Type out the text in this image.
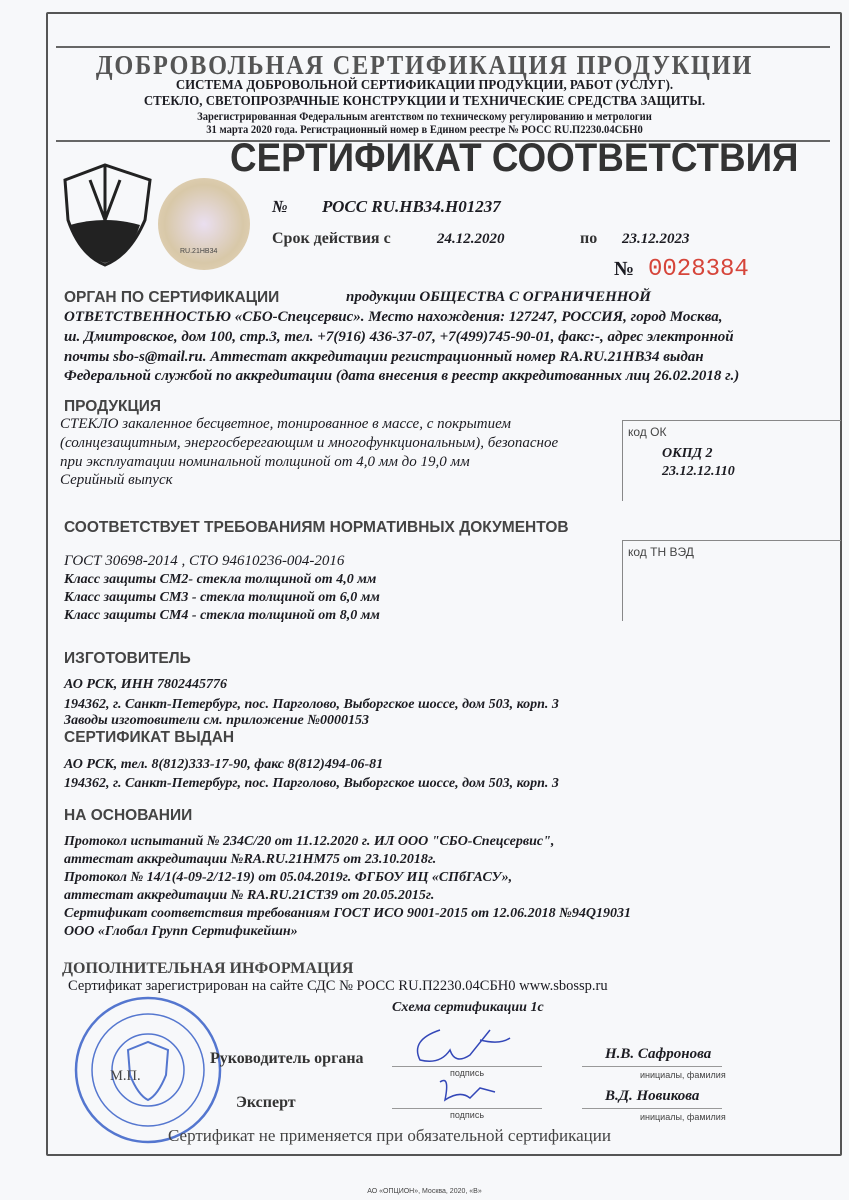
ДОБРОВОЛЬНАЯ СЕРТИФИКАЦИЯ ПРОДУКЦИИ
СИСТЕМА ДОБРОВОЛЬНОЙ СЕРТИФИКАЦИИ ПРОДУКЦИИ, РАБОТ (УСЛУГ).
СТЕКЛО, СВЕТОПРОЗРАЧНЫЕ КОНСТРУКЦИИ И ТЕХНИЧЕСКИЕ СРЕДСТВА ЗАЩИТЫ.
Зарегистрированная Федеральным агентством по техническому регулированию и метрологии
31 марта 2020 года. Регистрационный номер в Едином реестре № РОСС RU.П2230.04СБН0
СЕРТИФИКАТ СООТВЕТСТВИЯ
RU.21НВ34
№ РОСС RU.НВ34.Н01237
Срок действия с	24.12.2020	по 23.12.2023
№ 0028384
ОРГАН ПО СЕРТИФИКАЦИИ	продукции ОБЩЕСТВА С ОГРАНИЧЕННОЙ
ОТВЕТСТВЕННОСТЬЮ «СБО-Спецсервис». Место нахождения: 127247, РОССИЯ, город Москва,
ш. Дмитровское, дом 100, стр.3, тел. +7(916) 436-37-07, +7(499)745-90-01, факс:-, адрес электронной
почты sbo-s@mail.ru. Аттестат аккредитации регистрационный номер RA.RU.21НВ34 выдан
Федеральной службой по аккредитации (дата внесения в реестр аккредитованных лиц 26.02.2018 г.)
ПРОДУКЦИЯ
СТЕКЛО закаленное бесцветное, тонированное в массе, с покрытием
(солнцезащитным, энергосберегающим и многофункциональным), безопасное
при эксплуатации номинальной толщиной от 4,0 мм до 19,0 мм
Серийный выпуск
код ОК
ОКПД 2
23.12.12.110
СООТВЕТСТВУЕТ ТРЕБОВАНИЯМ НОРМАТИВНЫХ ДОКУМЕНТОВ
код ТН ВЭД
ГОСТ 30698-2014 , СТО 94610236-004-2016
Класс защиты СМ2- стекла толщиной от 4,0 мм
Класс защиты СМ3 - стекла толщиной от 6,0 мм
Класс защиты СМ4 - стекла толщиной от 8,0 мм
ИЗГОТОВИТЕЛЬ
АО РСК, ИНН 7802445776
194362, г. Санкт-Петербург, пос. Парголово, Выборгское шоссе, дом 503, корп. 3
Заводы изготовители см. приложение №0000153
СЕРТИФИКАТ ВЫДАН
АО РСК, тел. 8(812)333-17-90, факс 8(812)494-06-81
194362, г. Санкт-Петербург, пос. Парголово, Выборгское шоссе, дом 503, корп. 3
НА ОСНОВАНИИ
Протокол испытаний № 234С/20 от 11.12.2020 г. ИЛ ООО "СБО-Спецсервис",
аттестат аккредитации №RA.RU.21НМ75 от 23.10.2018г.
Протокол № 14/1(4-09-2/12-19) от 05.04.2019г. ФГБОУ ИЦ «СПбГАСУ»,
аттестат аккредитации № RA.RU.21СТ39 от 20.05.2015г.
Сертификат соответствия требованиям ГОСТ ИСО 9001-2015 от 12.06.2018 №94Q19031
ООО «Глобал Групп Сертификейшн»
ДОПОЛНИТЕЛЬНАЯ ИНФОРМАЦИЯ
Сертификат зарегистрирован на сайте СДС № РОСС RU.П2230.04СБН0 www.sbossp.ru
Схема сертификации 1с
Руководитель органа
М.П.
Эксперт
подпись
подпись
Н.В. Сафронова
В.Д. Новикова
инициалы, фамилия
инициалы, фамилия
Сертификат не применяется при обязательной сертификации
АО «ОПЦИОН», Москва, 2020, «В»
